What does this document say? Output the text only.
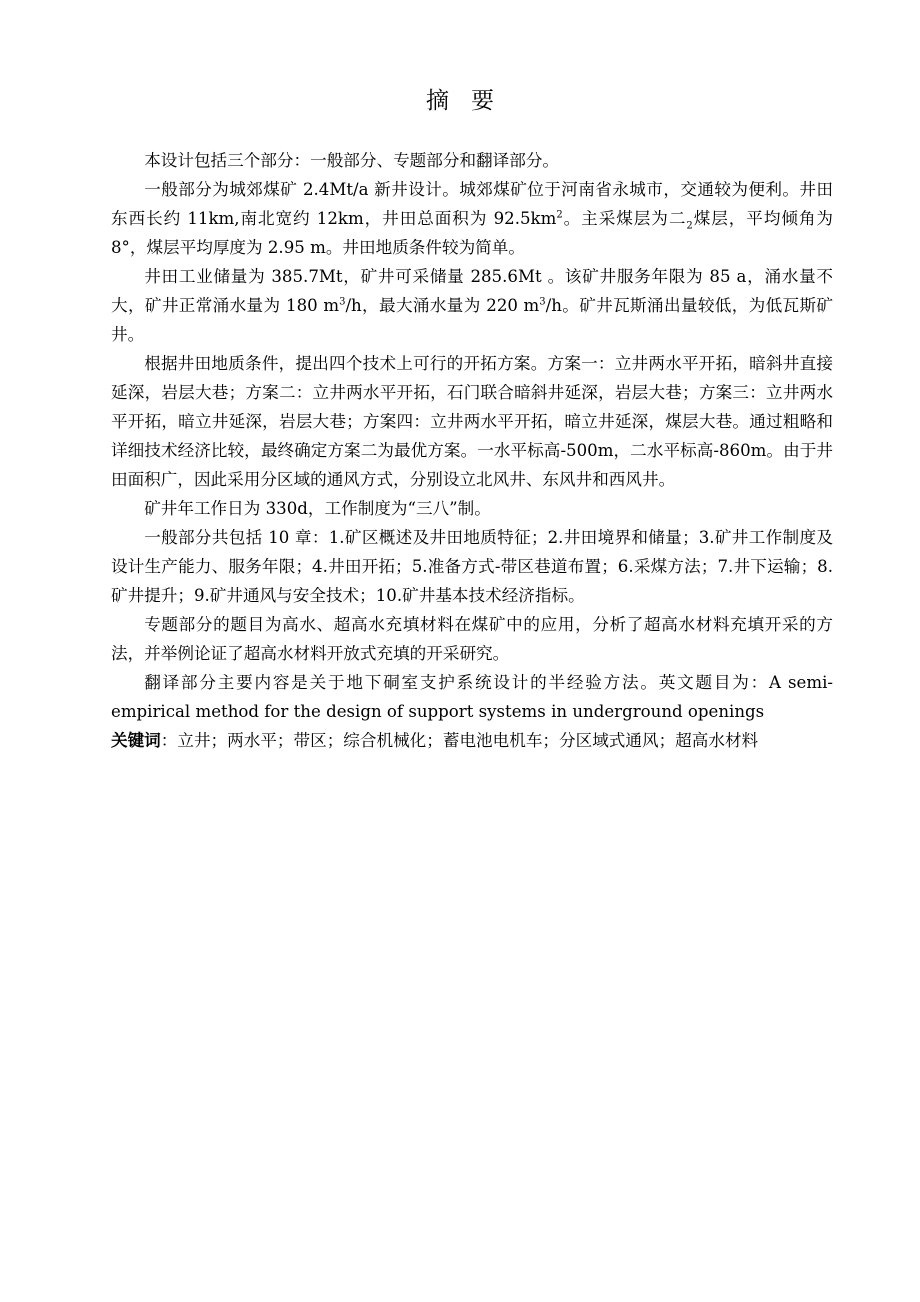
摘 要

本设计包括三个部分：一般部分、专题部分和翻译部分。

一般部分为城郊煤矿 2.4Mt/a 新井设计。城郊煤矿位于河南省永城市，交通较为便利。井田东西长约 11km,南北宽约 12km，井田总面积为 $92.5km^2$。主采煤层为二$_2$煤层，平均倾角为 8°，煤层平均厚度为 2.95 m。井田地质条件较为简单。

井田工业储量为 385.7Mt，矿井可采储量 285.6Mt 。该矿井服务年限为 85 a，涌水量不大，矿井正常涌水量为 180 $m^3/h$，最大涌水量为 220 $m^3/h$。矿井瓦斯涌出量较低，为低瓦斯矿井。

根据井田地质条件，提出四个技术上可行的开拓方案。方案一：立井两水平开拓，暗斜井直接延深，岩层大巷；方案二：立井两水平开拓，石门联合暗斜井延深，岩层大巷；方案三：立井两水平开拓，暗立井延深，岩层大巷；方案四：立井两水平开拓，暗立井延深，煤层大巷。通过粗略和详细技术经济比较，最终确定方案二为最优方案。一水平标高-500m，二水平标高-860m。由于井田面积广，因此采用分区域的通风方式，分别设立北风井、东风井和西风井。

矿井年工作日为 330d，工作制度为“三八”制。

一般部分共包括 10 章：1.矿区概述及井田地质特征；2.井田境界和储量；3.矿井工作制度及设计生产能力、服务年限；4.井田开拓；5.准备方式-带区巷道布置；6.采煤方法；7.井下运输；8.矿井提升；9.矿井通风与安全技术；10.矿井基本技术经济指标。

专题部分的题目为高水、超高水充填材料在煤矿中的应用，分析了超高水材料充填开采的方法，并举例论证了超高水材料开放式充填的开采研究。

翻译部分主要内容是关于地下硐室支护系统设计的半经验方法。英文题目为：A semi-empirical method for the design of support systems in underground openings

关键词：立井；两水平；带区；综合机械化；蓄电池电机车；分区域式通风；超高水材料
